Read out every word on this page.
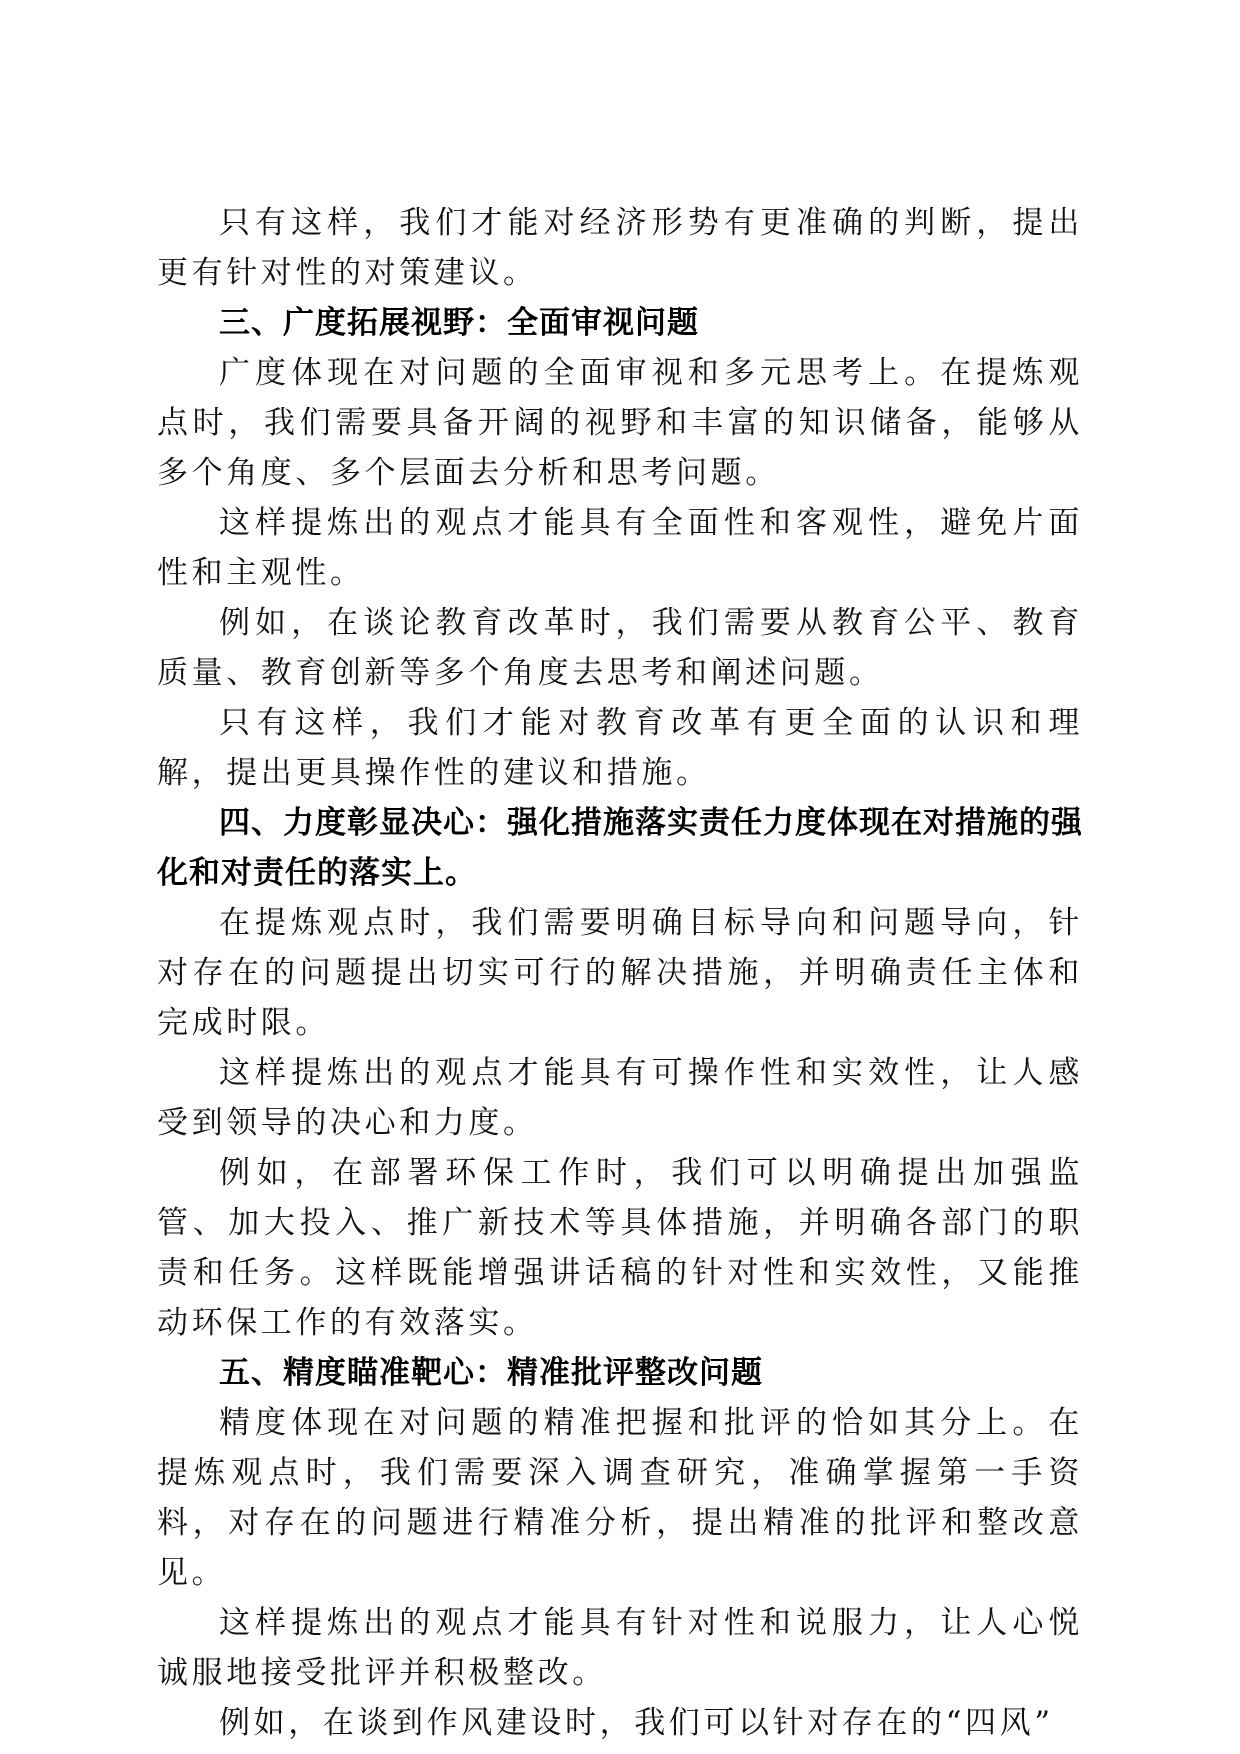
只有这样，我们才能对经济形势有更准确的判断，提出更有针对性的对策建议。

三、广度拓展视野：全面审视问题

广度体现在对问题的全面审视和多元思考上。在提炼观点时，我们需要具备开阔的视野和丰富的知识储备，能够从多个角度、多个层面去分析和思考问题。

这样提炼出的观点才能具有全面性和客观性，避免片面性和主观性。

例如，在谈论教育改革时，我们需要从教育公平、教育质量、教育创新等多个角度去思考和阐述问题。

只有这样，我们才能对教育改革有更全面的认识和理解，提出更具操作性的建议和措施。

四、力度彰显决心：强化措施落实责任力度体现在对措施的强化和对责任的落实上。

在提炼观点时，我们需要明确目标导向和问题导向，针对存在的问题提出切实可行的解决措施，并明确责任主体和完成时限。

这样提炼出的观点才能具有可操作性和实效性，让人感受到领导的决心和力度。

例如，在部署环保工作时，我们可以明确提出加强监管、加大投入、推广新技术等具体措施，并明确各部门的职责和任务。这样既能增强讲话稿的针对性和实效性，又能推动环保工作的有效落实。

五、精度瞄准靶心：精准批评整改问题

精度体现在对问题的精准把握和批评的恰如其分上。在提炼观点时，我们需要深入调查研究，准确掌握第一手资料，对存在的问题进行精准分析，提出精准的批评和整改意见。

这样提炼出的观点才能具有针对性和说服力，让人心悦诚服地接受批评并积极整改。

例如，在谈到作风建设时，我们可以针对存在的“四风”
